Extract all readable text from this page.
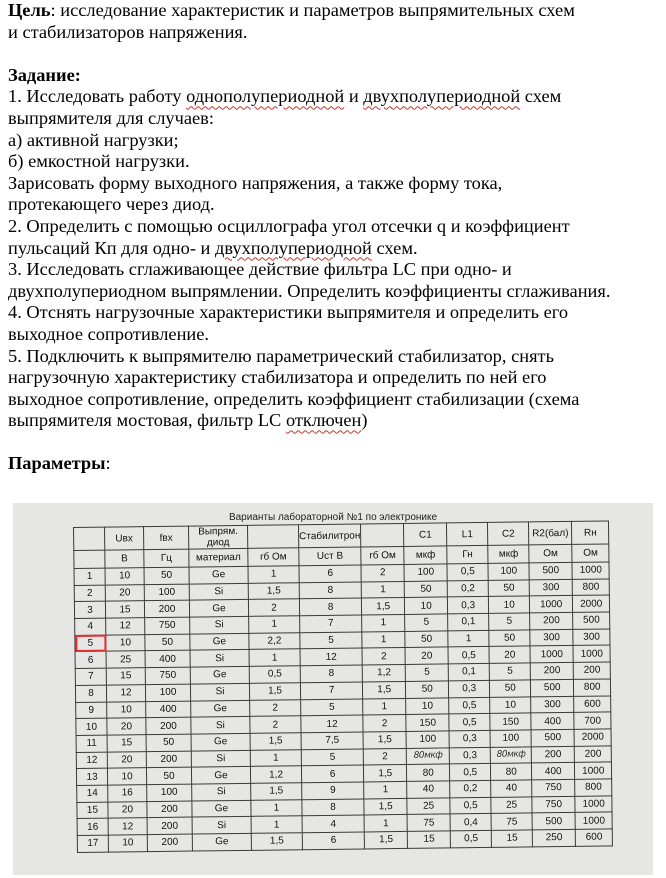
Цель: исследование характеристик и параметров выпрямительных схем

и стабилизаторов напряжения.

Задание:

1. Исследовать работу однополупериодной и двухполупериодной схем

выпрямителя для случаев:

а) активной нагрузки;

б) емкостной нагрузки.

Зарисовать форму выходного напряжения, а также форму тока,

протекающего через диод.

2. Определить с помощью осциллографа угол отсечки q и коэффициент

пульсаций Кп для одно- и двухполупериодной схем.

3. Исследовать сглаживающее действие фильтра LC при одно- и

двухполупериодном выпрямлении. Определить коэффициенты сглаживания.

4. Отснять нагрузочные характеристики выпрямителя и определить его

выходное сопротивление.

5. Подключить к выпрямителю параметрический стабилизатор, снять

нагрузочную характеристику стабилизатора и определить по ней его

выходное сопротивление, определить коэффициент стабилизации (схема

выпрямителя мостовая, фильтр LC отключен)

Параметры:

Варианты лабораторной №1 по электронике
	Uвх	fвх	Выпрям. диод		Стабилитрон		C1	L1	C2	R2(бал)	Rн
	В	Гц	материал	rб Ом	Uст В	rб Ом	мкф	Гн	мкф	Ом	Ом
1	10	50	Ge	1	6	2	100	0,5	100	500	1000
2	20	100	Si	1,5	8	1	50	0,2	50	300	800
3	15	200	Ge	2	8	1,5	10	0,3	10	1000	2000
4	12	750	Si	1	7	1	5	0,1	5	200	500
5	10	50	Ge	2,2	5	1	50	1	50	300	300
6	25	400	Si	1	12	2	20	0,5	20	1000	1000
7	15	750	Ge	0,5	8	1,2	5	0,1	5	200	200
8	12	100	Si	1,5	7	1,5	50	0,3	50	500	800
9	10	400	Ge	2	5	1	10	0,5	10	300	600
10	20	200	Si	2	12	2	150	0,5	150	400	700
11	15	50	Ge	1,5	7,5	1,5	100	0,3	100	500	2000
12	20	200	Si	1	5	2	80мкф	0,3	80мкф	200	200
13	10	50	Ge	1,2	6	1,5	80	0,5	80	400	1000
14	16	100	Si	1,5	9	1	40	0,2	40	750	800
15	20	200	Ge	1	8	1,5	25	0,5	25	750	1000
16	12	200	Si	1	4	1	75	0,4	75	500	1000
17	10	200	Ge	1,5	6	1,5	15	0,5	15	250	600
